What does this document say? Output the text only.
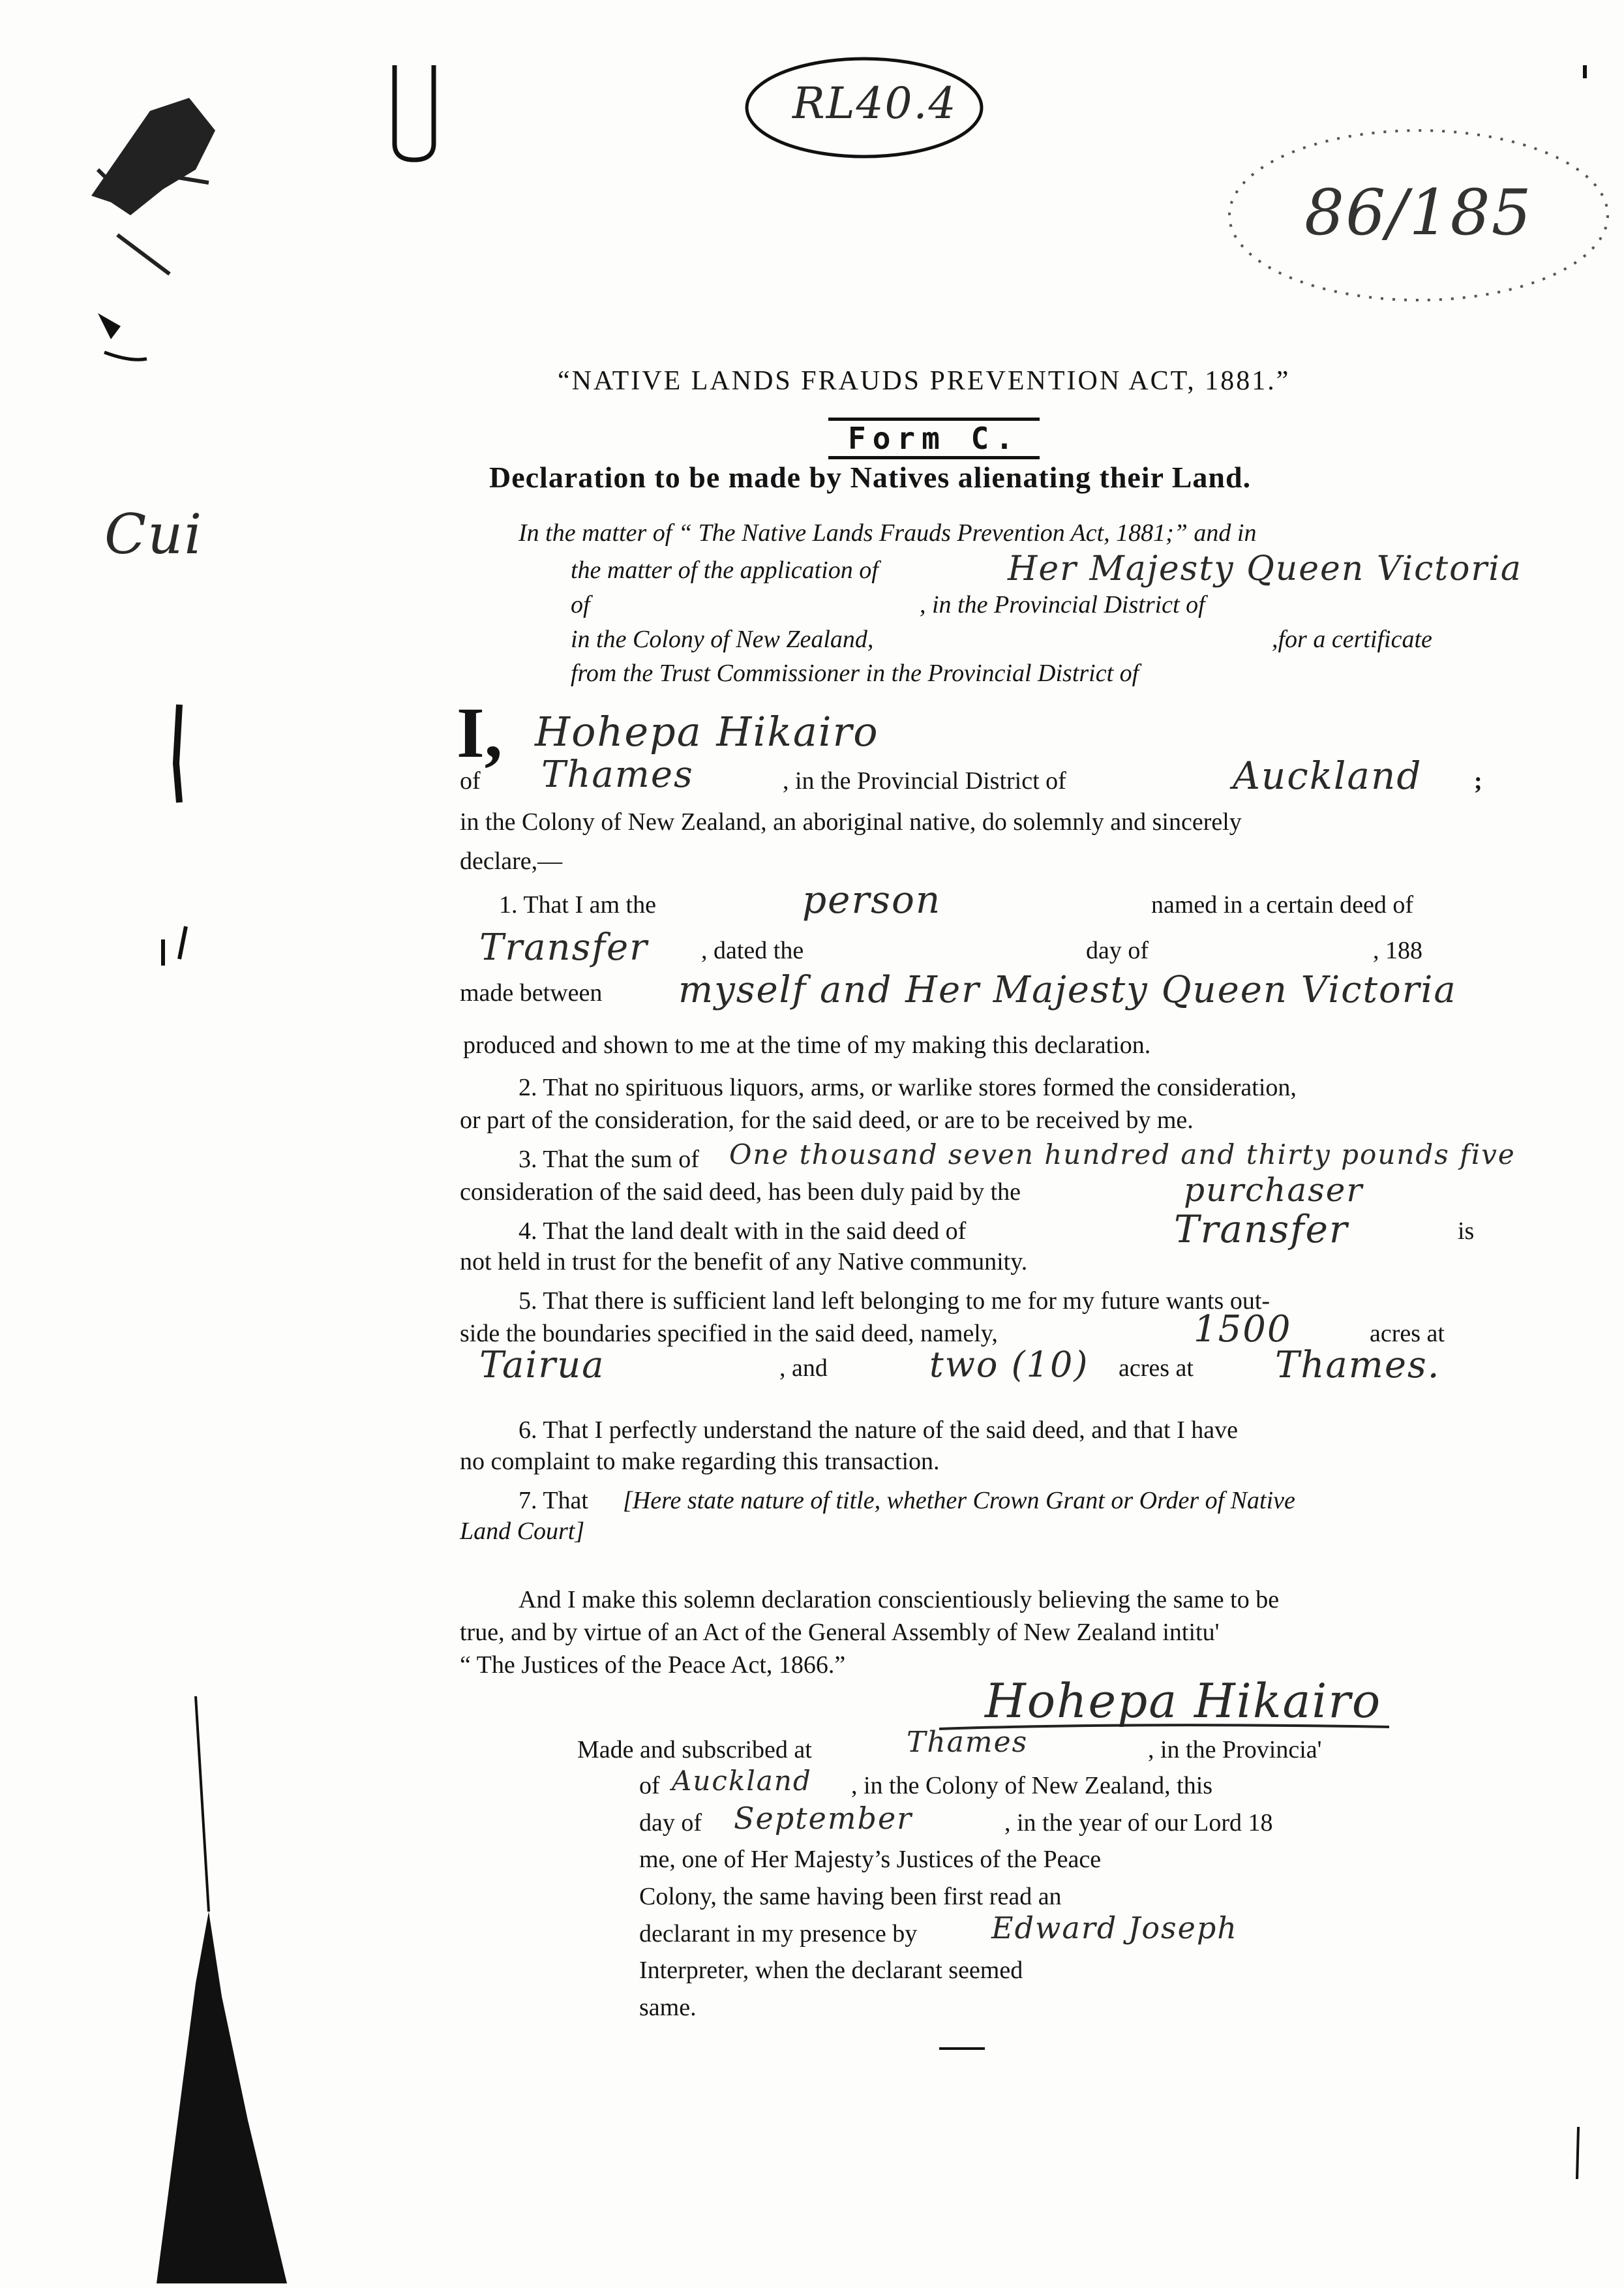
RL40.4
86/185
Cui
“NATIVE LANDS FRAUDS PREVENTION ACT, 1881.”
Form C.
Declaration to be made by Natives alienating their Land.
In the matter of “ The Native Lands Frauds Prevention Act, 1881;” and in
the matter of the application of	Her Majesty Queen Victoria
of	, in the Provincial District of
in the Colony of New Zealand,	,for a certificate
from the Trust Commissioner in the Provincial District of
I, Hohepa Hikairo
of Thames	, in the Provincial District of	Auckland ;
in the Colony of New Zealand, an aboriginal native, do solemnly and sincerely
declare,—
1. That I am the	person	named in a certain deed of
Transfer , dated the	day of	, 188
made between myself and Her Majesty Queen Victoria
produced and shown to me at the time of my making this declaration.
2. That no spirituous liquors, arms, or warlike stores formed the consideration,
or part of the consideration, for the said deed, or are to be received by me.
3. That the sum of One thousand seven hundred and thirty pounds five
consideration of the said deed, has been duly paid by the	purchaser
4. That the land dealt with in the said deed of	Transfer	is
not held in trust for the benefit of any Native community.
5. That there is sufficient land left belonging to me for my future wants out-
side the boundaries specified in the said deed, namely,	1500	acres at
Tairua	, and	two (10) acres at Thames.
6. That I perfectly understand the nature of the said deed, and that I have
no complaint to make regarding this transaction.
7. That [Here state nature of title, whether Crown Grant or Order of Native
Land Court]
And I make this solemn declaration conscientiously believing the same to be
true, and by virtue of an Act of the General Assembly of New Zealand intitu'
“ The Justices of the Peace Act, 1866.”
Hohepa Hikairo
Made and subscribed at	Thames	, in the Provincia'
of Auckland , in the Colony of New Zealand, this
day of September	, in the year of our Lord 18
me, one of Her Majesty’s Justices of the Peace
Colony, the same having been first read an
declarant in my presence by Edward Joseph
Interpreter, when the declarant seemed
same.
